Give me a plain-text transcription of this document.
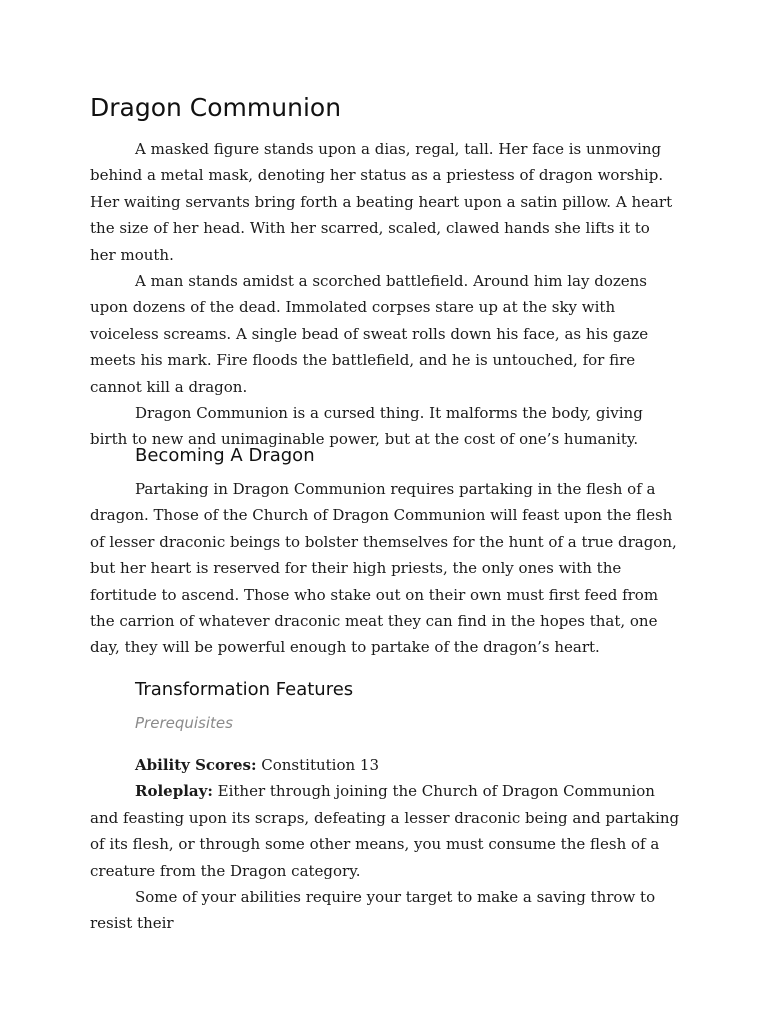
Dragon Communion

A masked figure stands upon a dias, regal, tall. Her face is unmoving behind a metal mask, denoting her status as a priestess of dragon worship. Her waiting servants bring forth a beating heart upon a satin pillow. A heart the size of her head. With her scarred, scaled, clawed hands she lifts it to her mouth.

A man stands amidst a scorched battlefield. Around him lay dozens upon dozens of the dead. Immolated corpses stare up at the sky with voiceless screams. A single bead of sweat rolls down his face, as his gaze meets his mark. Fire floods the battlefield, and he is untouched, for fire cannot kill a dragon.

Dragon Communion is a cursed thing. It malforms the body, giving birth to new and unimaginable power, but at the cost of one’s humanity.

Becoming A Dragon

Partaking in Dragon Communion requires partaking in the flesh of a dragon. Those of the Church of Dragon Communion will feast upon the flesh of lesser draconic beings to bolster themselves for the hunt of a true dragon, but her heart is reserved for their high priests, the only ones with the fortitude to ascend. Those who stake out on their own must first feed from the carrion of whatever draconic meat they can find in the hopes that, one day, they will be powerful enough to partake of the dragon’s heart.

Transformation Features

Prerequisites

Ability Scores: Constitution 13

Roleplay: Either through joining the Church of Dragon Communion and feasting upon its scraps, defeating a lesser draconic being and partaking of its flesh, or through some other means, you must consume the flesh of a creature from the Dragon category.

Some of your abilities require your target to make a saving throw to resist their
